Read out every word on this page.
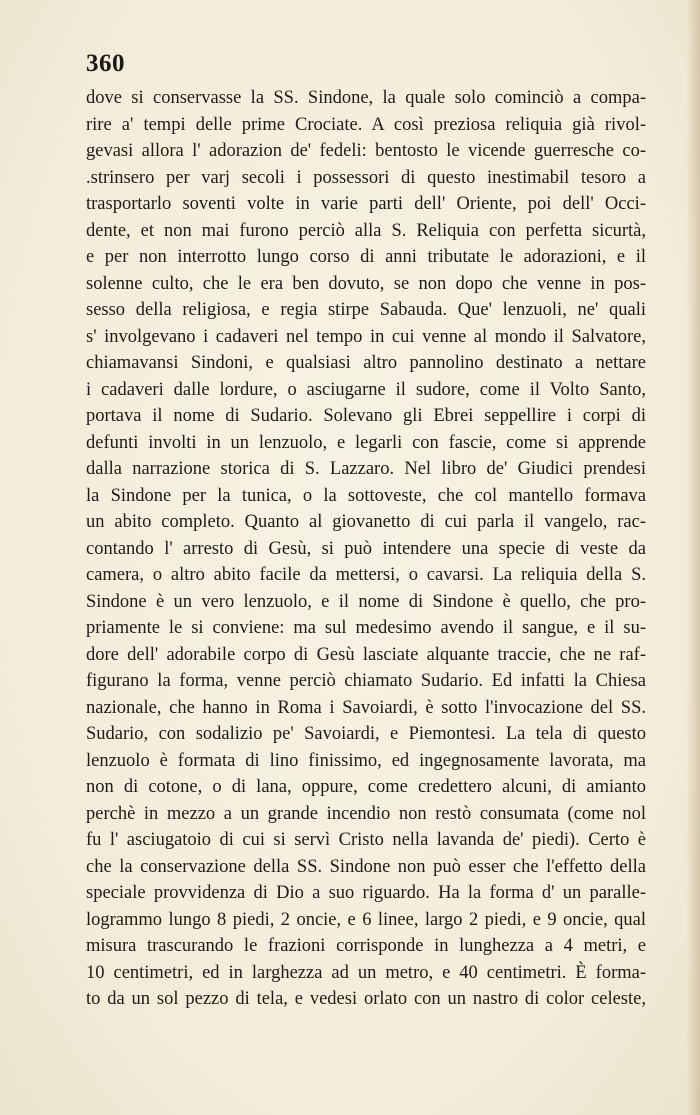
360
dove si conservasse la SS. Sindone, la quale solo cominciò a compa-
rire a' tempi delle prime Crociate. A così preziosa reliquia già rivol-
gevasi allora l' adorazion de' fedeli: bentosto le vicende guerresche co-
.strinsero per varj secoli i possessori di questo inestimabil tesoro a
trasportarlo soventi volte in varie parti dell' Oriente, poi dell' Occi-
dente, et non mai furono perciò alla S. Reliquia con perfetta sicurtà,
e per non interrotto lungo corso di anni tributate le adorazioni, e il
solenne culto, che le era ben dovuto, se non dopo che venne in pos-
sesso della religiosa, e regia stirpe Sabauda. Que' lenzuoli, ne' quali
s' involgevano i cadaveri nel tempo in cui venne al mondo il Salvatore,
chiamavansi Sindoni, e qualsiasi altro pannolino destinato a nettare
i cadaveri dalle lordure, o asciugarne il sudore, come il Volto Santo,
portava il nome di Sudario. Solevano gli Ebrei seppellire i corpi di
defunti involti in un lenzuolo, e legarli con fascie, come si apprende
dalla narrazione storica di S. Lazzaro. Nel libro de' Giudici prendesi
la Sindone per la tunica, o la sottoveste, che col mantello formava
un abito completo. Quanto al giovanetto di cui parla il vangelo, rac-
contando l' arresto di Gesù, si può intendere una specie di veste da
camera, o altro abito facile da mettersi, o cavarsi. La reliquia della S.
Sindone è un vero lenzuolo, e il nome di Sindone è quello, che pro-
priamente le si conviene: ma sul medesimo avendo il sangue, e il su-
dore dell' adorabile corpo di Gesù lasciate alquante traccie, che ne raf-
figurano la forma, venne perciò chiamato Sudario. Ed infatti la Chiesa
nazionale, che hanno in Roma i Savoiardi, è sotto l'invocazione del SS.
Sudario, con sodalizio pe' Savoiardi, e Piemontesi. La tela di questo
lenzuolo è formata di lino finissimo, ed ingegnosamente lavorata, ma
non di cotone, o di lana, oppure, come credettero alcuni, di amianto
perchè in mezzo a un grande incendio non restò consumata (come nol
fu l' asciugatoio di cui si servì Cristo nella lavanda de' piedi). Certo è
che la conservazione della SS. Sindone non può esser che l'effetto della
speciale provvidenza di Dio a suo riguardo. Ha la forma d' un paralle-
logrammo lungo 8 piedi, 2 oncie, e 6 linee, largo 2 piedi, e 9 oncie, qual
misura trascurando le frazioni corrisponde in lunghezza a 4 metri, e
10 centimetri, ed in larghezza ad un metro, e 40 centimetri. È forma-
to da un sol pezzo di tela, e vedesi orlato con un nastro di color celeste,
